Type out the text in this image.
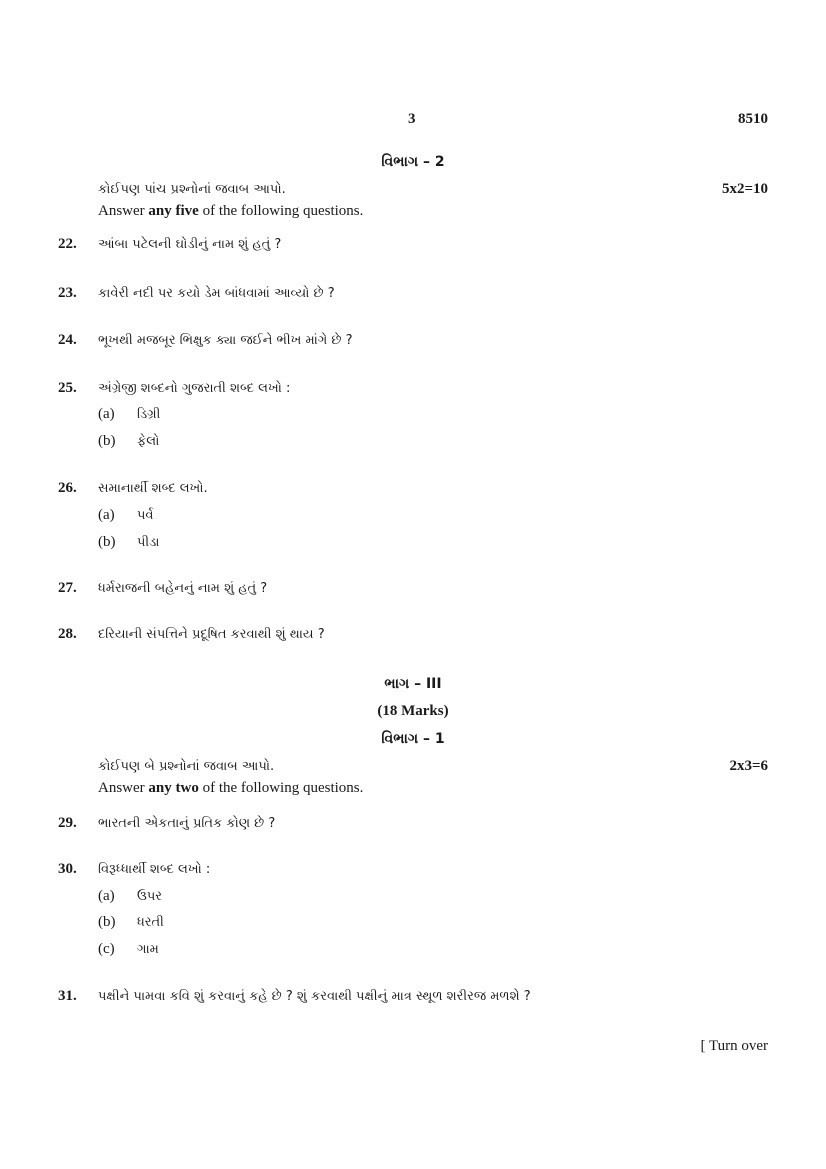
3	8510
વિભાગ – 2
કોઈપણ પાંચ પ્રશ્નોનાં જવાબ આપો.	5x2=10
Answer any five of the following questions.
22. આંબા પટેલની ઘોડીનું નામ શું હતું ?
23. કાવેરી નદી પર કયો ડેમ બાંધવામાં આવ્યો છે ?
24. ભૂખથી મજબૂર ભિક્ષુક ક્યા જઈને ભીખ માંગે છે ?
25. અંગ્રેજી શબ્દનો ગુજરાતી શબ્દ લખો :
(a) ડિગ્રી
(b) ફેલો
26. સમાનાર્થી શબ્દ લખો.
(a) પર્વ
(b) પીડા
27. ધર્મરાજની બહેનનું નામ શું હતું ?
28. દરિયાની સંપત્તિને પ્રદૂષિત કરવાથી શું થાય ?
ભાગ – III
(18 Marks)
વિભાગ – 1
કોઈપણ બે પ્રશ્નોનાં જવાબ આપો.	2x3=6
Answer any two of the following questions.
29. ભારતની એકતાનું પ્રતિક કોણ છે ?
30. વિરૂધ્ધાર્થી શબ્દ લખો :
(a) ઉપર
(b) ધરતી
(c) ગામ
31. પક્ષીને પામવા કવિ શું કરવાનું કહે છે ? શું કરવાથી પક્ષીનું માત્ર સ્થૂળ શરીરજ મળશે ?
[ Turn over
